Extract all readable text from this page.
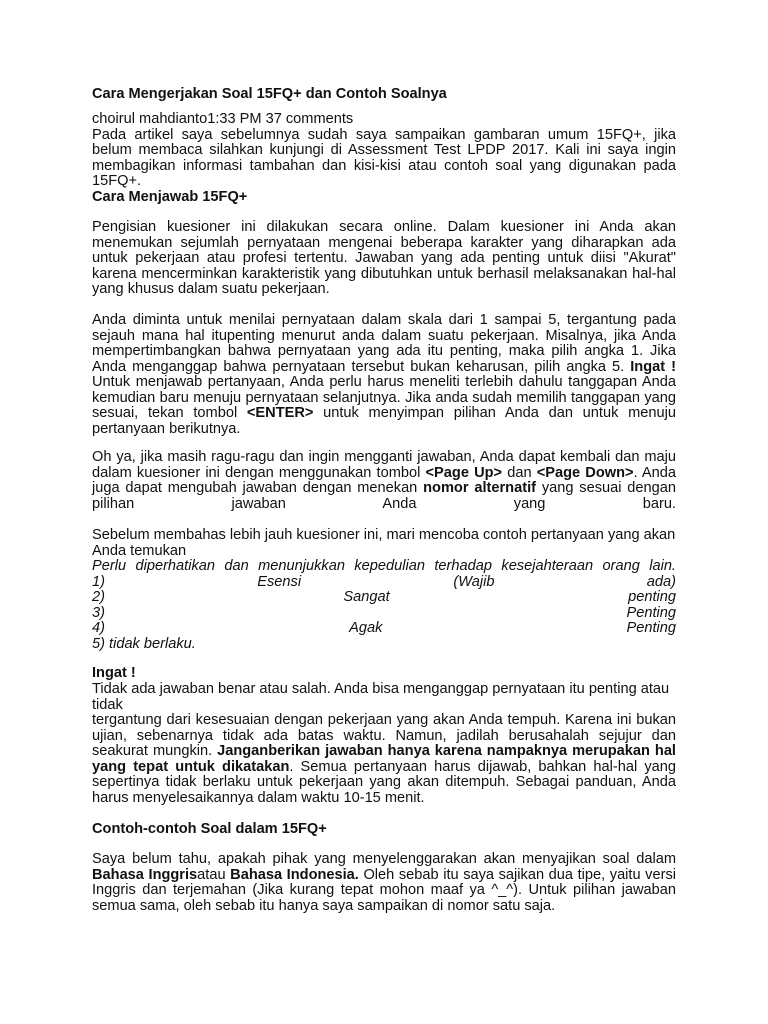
Cara Mengerjakan Soal 15FQ+ dan Contoh Soalnya

choirul mahdianto1:33 PM 37 comments

Pada artikel saya sebelumnya sudah saya sampaikan gambaran umum 15FQ+, jika belum membaca silahkan kunjungi di Assessment Test LPDP 2017. Kali ini saya ingin membagikan informasi tambahan dan kisi-kisi atau contoh soal yang digunakan pada 15FQ+.

Cara Menjawab 15FQ+

Pengisian kuesioner ini dilakukan secara online. Dalam kuesioner ini Anda akan menemukan sejumlah pernyataan mengenai beberapa karakter yang diharapkan ada untuk pekerjaan atau profesi tertentu. Jawaban yang ada penting untuk diisi "Akurat" karena mencerminkan karakteristik yang dibutuhkan untuk berhasil melaksanakan hal-hal yang khusus dalam suatu pekerjaan.

Anda diminta untuk menilai pernyataan dalam skala dari 1 sampai 5, tergantung pada sejauh mana hal itupenting menurut anda dalam suatu pekerjaan. Misalnya, jika Anda mempertimbangkan bahwa pernyataan yang ada itu penting, maka pilih angka 1. Jika Anda menganggap bahwa pernyataan tersebut bukan keharusan, pilih angka 5. Ingat ! Untuk menjawab pertanyaan, Anda perlu harus meneliti terlebih dahulu tanggapan Anda kemudian baru menuju pernyataan selanjutnya. Jika anda sudah memilih tanggapan yang sesuai, tekan tombol <ENTER> untuk menyimpan pilihan Anda dan untuk menuju pertanyaan berikutnya.

Oh ya, jika masih ragu-ragu dan ingin mengganti jawaban, Anda dapat kembali dan maju dalam kuesioner ini dengan menggunakan tombol <Page Up> dan <Page Down>. Anda juga dapat mengubah jawaban dengan menekan nomor alternatif yang sesuai dengan pilihan jawaban Anda yang baru.

Sebelum membahas lebih jauh kuesioner ini, mari mencoba contoh pertanyaan yang akan Anda temukan

Perlu diperhatikan dan menunjukkan kepedulian terhadap kesejahteraan orang lain.
1)	Esensi	(Wajib	ada)
2)	Sangat	penting
3)	Penting
4)	Agak	Penting
5) tidak berlaku.

Ingat !

Tidak ada jawaban benar atau salah. Anda bisa menganggap pernyataan itu penting atau tidak

tergantung dari kesesuaian dengan pekerjaan yang akan Anda tempuh. Karena ini bukan ujian, sebenarnya tidak ada batas waktu. Namun, jadilah berusahalah sejujur dan seakurat mungkin. Janganberikan jawaban hanya karena nampaknya merupakan hal yang tepat untuk dikatakan. Semua pertanyaan harus dijawab, bahkan hal-hal yang sepertinya tidak berlaku untuk pekerjaan yang akan ditempuh. Sebagai panduan, Anda harus menyelesaikannya dalam waktu 10-15 menit.

Contoh-contoh Soal dalam 15FQ+

Saya belum tahu, apakah pihak yang menyelenggarakan akan menyajikan soal dalam Bahasa Inggrisatau Bahasa Indonesia. Oleh sebab itu saya sajikan dua tipe, yaitu versi Inggris dan terjemahan (Jika kurang tepat mohon maaf ya ^_^). Untuk pilihan jawaban semua sama, oleh sebab itu hanya saya sampaikan di nomor satu saja.
